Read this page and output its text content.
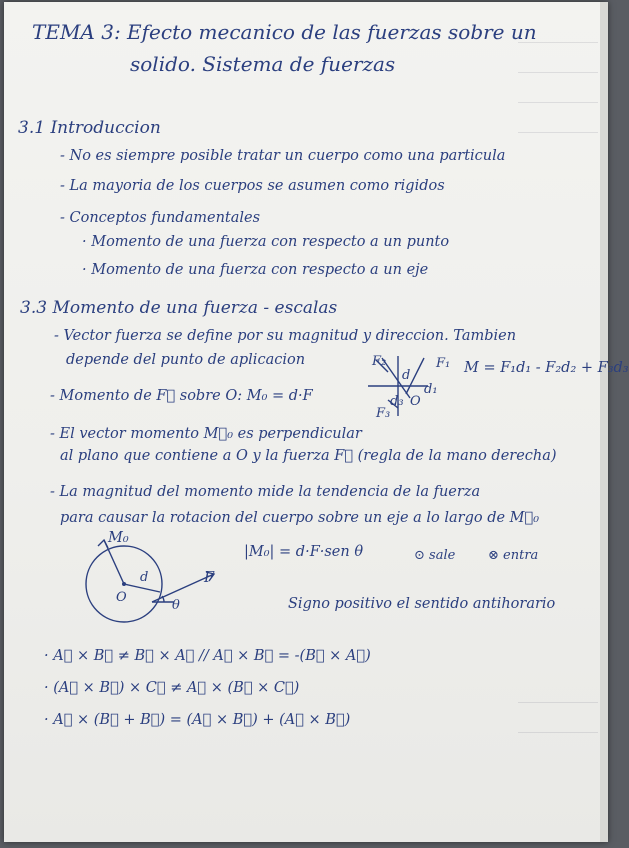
TEMA 3: Efecto mecanico de las fuerzas sobre un
solido. Sistema de fuerzas
3.1 Introduccion
- No es siempre posible tratar un cuerpo como una particula
- La mayoria de los cuerpos se asumen como rigidos
- Conceptos fundamentales
· Momento de una fuerza con respecto a un punto
· Momento de una fuerza con respecto a un eje
3.3 Momento de una fuerza - escalas
- Vector fuerza se define por su magnitud y direccion. Tambien
depende del punto de aplicacion
- Momento de F⃗ sobre O: M₀ = d·F
- El vector momento M⃗₀ es perpendicular
al plano que contiene a O y la fuerza F⃗ (regla de la mano derecha)
- La magnitud del momento mide la tendencia de la fuerza
para causar la rotacion del cuerpo sobre un eje a lo largo de M⃗₀
F₂	F₁
d
d₁
O
F₃
d₃
M = F₁d₁ - F₂d₂ + F₃d₃
M₀
d
O
F
θ
|M₀| = d·F·sen θ	⊙ sale	⊗ entra
Signo positivo el sentido antihorario
· A⃗ × B⃗ ≠ B⃗ × A⃗ // A⃗ × B⃗ = -(B⃗ × A⃗)
· (A⃗ × B⃗) × C⃗ ≠ A⃗ × (B⃗ × C⃗)
· A⃗ × (B⃗ + B⃗) = (A⃗ × B⃗) + (A⃗ × B⃗)
